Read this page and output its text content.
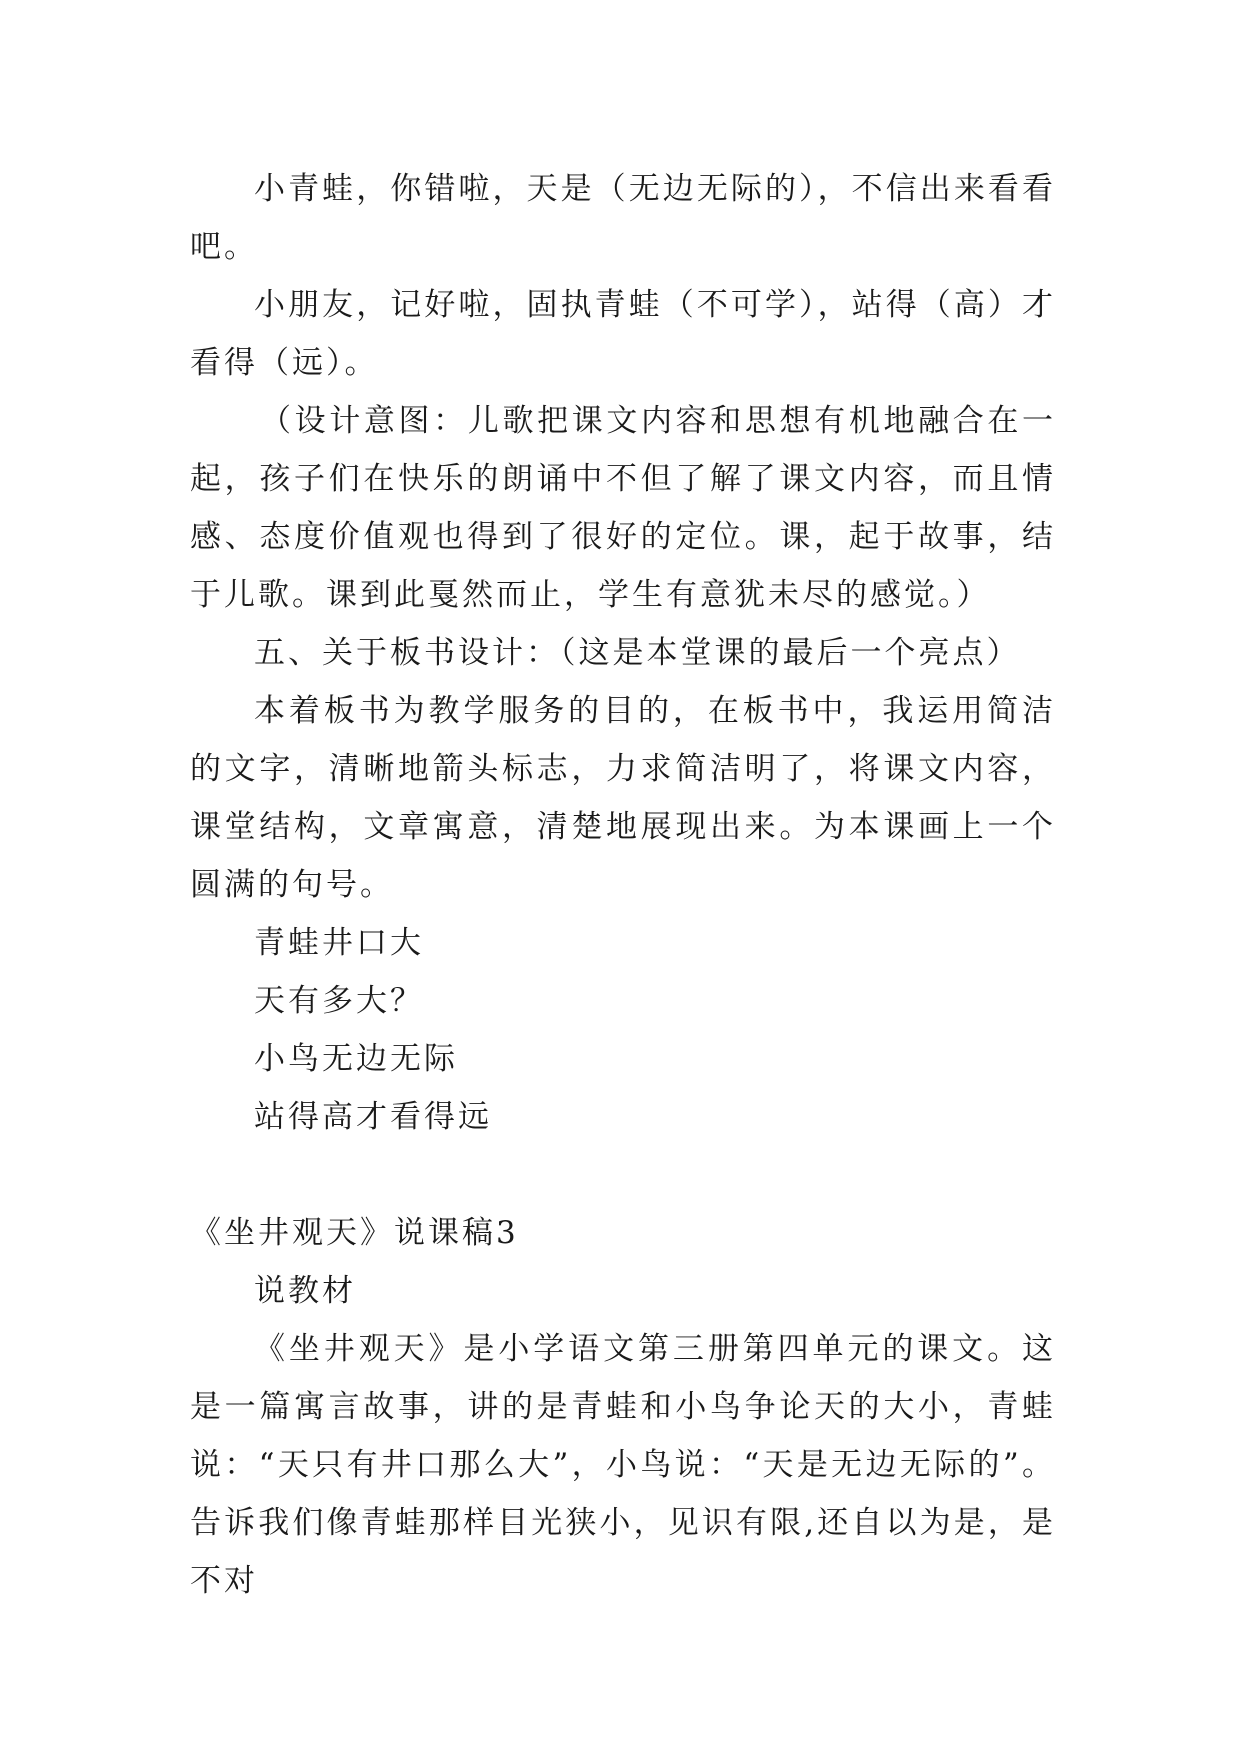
小青蛙，你错啦，天是（无边无际的），不信出来看看吧。

小朋友，记好啦，固执青蛙（不可学），站得（高）才看得（远）。

（设计意图：儿歌把课文内容和思想有机地融合在一起，孩子们在快乐的朗诵中不但了解了课文内容，而且情感、态度价值观也得到了很好的定位。课，起于故事，结于儿歌。课到此戛然而止，学生有意犹未尽的感觉。）

五、关于板书设计：（这是本堂课的最后一个亮点）

本着板书为教学服务的目的，在板书中，我运用简洁的文字，清晰地箭头标志，力求简洁明了，将课文内容，课堂结构，文章寓意，清楚地展现出来。为本课画上一个圆满的句号。

青蛙井口大

天有多大？

小鸟无边无际

站得高才看得远

《坐井观天》说课稿3

说教材

《坐井观天》是小学语文第三册第四单元的课文。这是一篇寓言故事，讲的是青蛙和小鸟争论天的大小，青蛙说：“天只有井口那么大”，小鸟说：“天是无边无际的”。告诉我们像青蛙那样目光狭小，见识有限,还自以为是，是不对
